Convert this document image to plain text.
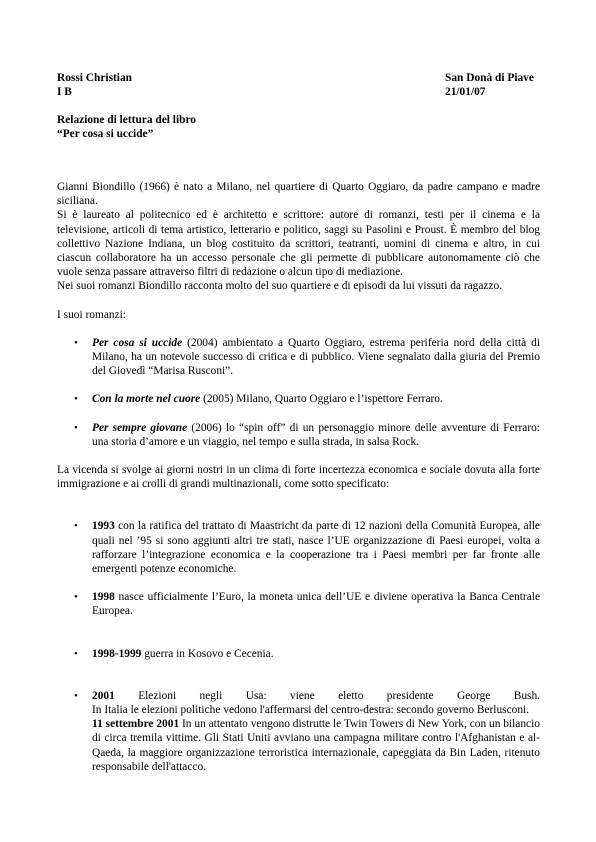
Rossi Christian
I B
San Donà di Piave
21/01/07
Relazione di lettura del libro
“Per cosa si uccide”

Gianni Biondillo (1966) è nato a Milano, nel quartiere di Quarto Oggiaro, da padre campano e madre siciliana.

Si è laureato al politecnico ed è architetto e scrittore: autore di romanzi, testi per il cinema e la televisione, articoli di tema artistico, letterario e politico, saggi su Pasolini e Proust. È membro del blog collettivo Nazione Indiana, un blog costituito da scrittori, teatranti, uomini di cinema e altro, in cui ciascun collaboratore ha un accesso personale che gli permette di pubblicare autonomamente ciò che vuole senza passare attraverso filtri di redazione o alcun tipo di mediazione.

Nei suoi romanzi Biondillo racconta molto del suo quartiere e di episodi da lui vissuti da ragazzo.

I suoi romanzi:

• Per cosa si uccide (2004) ambientato a Quarto Oggiaro, estrema periferia nord della città di Milano, ha un notevole successo di critica e di pubblico. Viene segnalato dalla giuria del Premio del Giovedì “Marisa Rusconi”.
• Con la morte nel cuore (2005) Milano, Quarto Oggiaro e l’ispettore Ferraro.
• Per sempre giovane (2006) lo “spin off” di un personaggio minore delle avventure di Ferraro: una storia d’amore e un viaggio, nel tempo e sulla strada, in salsa Rock.

La vicenda si svolge ai giorni nostri in un clima di forte incertezza economica e sociale dovuta alla forte immigrazione e ai crolli di grandi multinazionali, come sotto specificato:

• 1993 con la ratifica del trattato di Maastricht da parte di 12 nazioni della Comunità Europea, alle quali nel ’95 si sono aggiunti altri tre stati, nasce l’UE organizzazione di Paesi europei, volta a rafforzare l’integrazione economica e la cooperazione tra i Paesi membri per far fronte alle emergenti potenze economiche.
• 1998 nasce ufficialmente l’Euro, la moneta unica dell’UE e diviene operativa la Banca Centrale Europea.
• 1998-1999 guerra in Kosovo e Cecenia.
• 2001 Elezioni negli Usa: viene eletto presidente George Bush.
In Italia le elezioni politiche vedono l'affermarsi del centro-destra: secondo governo Berlusconi.
11 settembre 2001 In un attentato vengono distrutte le Twin Towers di New York, con un bilancio di circa tremila vittime. Gli Stati Uniti avviano una campagna militare contro l'Afghanistan e al-Qaeda, la maggiore organizzazione terroristica internazionale, capeggiata da Bin Laden, ritenuto responsabile dell'attacco.
